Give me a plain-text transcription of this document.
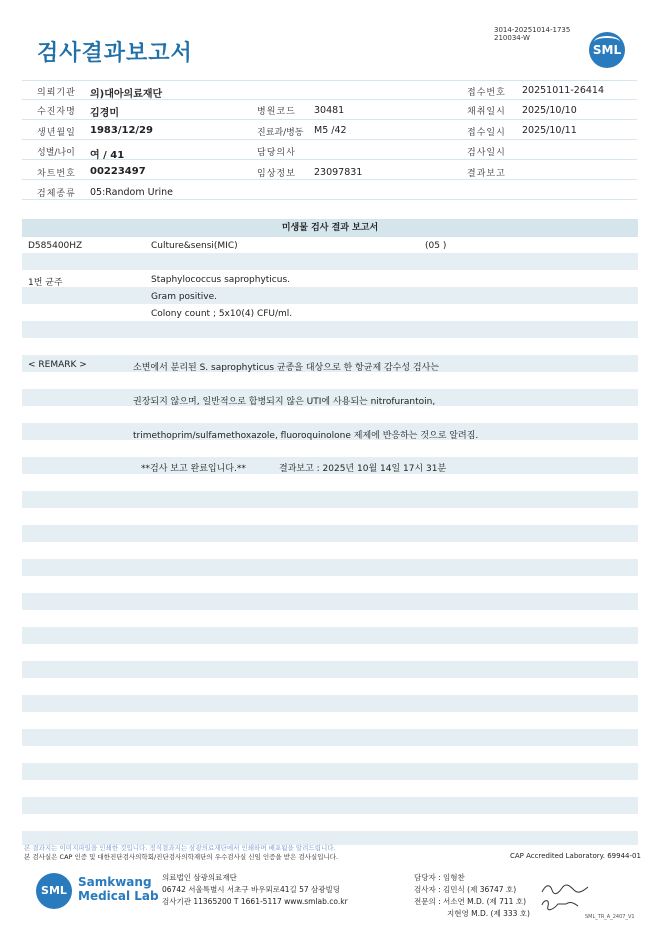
검사결과보고서
3014-20251014-1735
210034-W
SML
의뢰기관 의)대아의료재단	접수번호 20251011-26414
수진자명 김경미	병원코드 30481	채취일시 2025/10/10
생년월일 1983/12/29	진료과/병동 M5 /42	접수일시 2025/10/11
성별/나이 여 / 41	담당의사	검사일시
차트번호 00223497	임상정보 23097831	결과보고
검체종류 05:Random Urine
미생물 검사 결과 보고서
D585400HZ	Culture&sensi(MIC)	(05 )
1번 균주	Staphylococcus saprophyticus.
Gram positive.
Colony count ; 5x10(4) CFU/ml.
< REMARK >	소변에서 분리된 S. saprophyticus 균종을 대상으로 한 항균제 감수성 검사는
권장되지 않으며, 일반적으로 합병되지 않은 UTI에 사용되는 nitrofurantoin,
trimethoprim/sulfamethoxazole, fluoroquinolone 제제에 반응하는 것으로 알려짐.
**검사 보고 완료입니다.**	결과보고 : 2025년 10월 14일 17시 31분
본 결과지는 이미지파일을 인쇄한 것입니다. 정식결과지는 삼광의료재단에서 인쇄하며 배포됨을 알려드립니다.
본 검사실은 CAP 인증 및 대한진단검사의학회/진단검사의학재단의 우수검사실 신임 인증을 받은 검사실입니다.	CAP Accredited Laboratory. 69944-01
SML
Samkwang
Medical Lab
의료법인 삼광의료재단
06742 서울특별시 서초구 바우뫼로41길 57 삼광빌딩
검사기관 11365200 T 1661-5117 www.smlab.co.kr
담당자 : 임형찬
검사자 : 김민식 (제 36747 호)
전문의 : 서소연 M.D. (제 711 호)
지현영 M.D. (제 333 호)	SML_TR_A_2407_V1
